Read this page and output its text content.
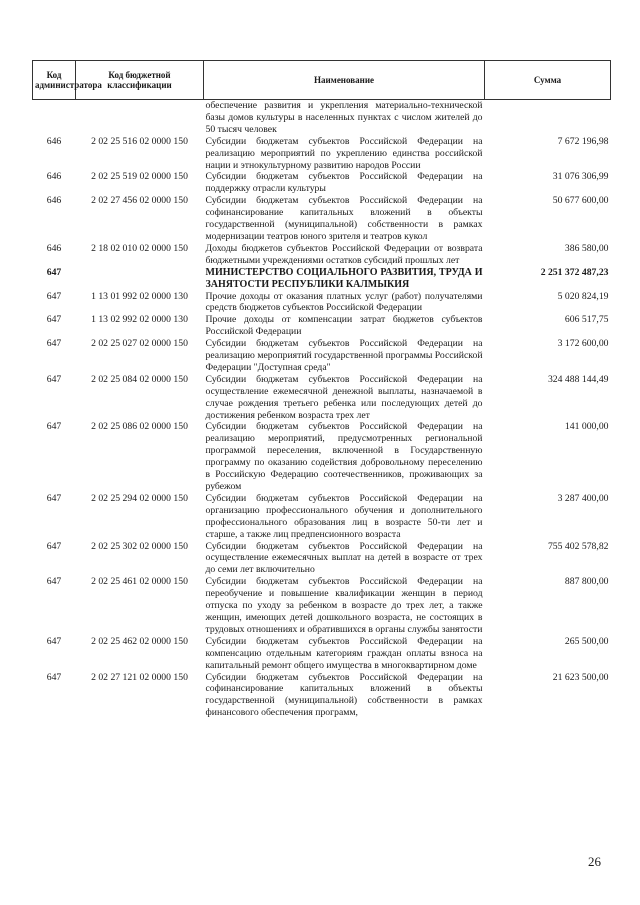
Код администратора	Код бюджетной классификации	Наименование	Сумма
		обеспечение развития и укрепления материально-технической базы домов культуры в населенных пунктах с числом жителей до 50 тысяч человек	
646	2 02 25 516 02 0000 150	Субсидии бюджетам субъектов Российской Федерации на реализацию мероприятий по укреплению единства российской нации и этнокультурному развитию народов России	7 672 196,98
646	2 02 25 519 02 0000 150	Субсидии бюджетам субъектов Российской Федерации на поддержку отрасли культуры	31 076 306,99
646	2 02 27 456 02 0000 150	Субсидии бюджетам субъектов Российской Федерации на софинансирование капитальных вложений в объекты государственной (муниципальной) собственности в рамках модернизации театров юного зрителя и театров кукол	50 677 600,00
646	2 18 02 010 02 0000 150	Доходы бюджетов субъектов Российской Федерации от возврата бюджетными учреждениями остатков субсидий прошлых лет	386 580,00
647		МИНИСТЕРСТВО СОЦИАЛЬНОГО РАЗВИТИЯ, ТРУДА И ЗАНЯТОСТИ РЕСПУБЛИКИ КАЛМЫКИЯ	2 251 372 487,23
647	1 13 01 992 02 0000 130	Прочие доходы от оказания платных услуг (работ) получателями средств бюджетов субъектов Российской Федерации	5 020 824,19
647	1 13 02 992 02 0000 130	Прочие доходы от компенсации затрат бюджетов субъектов Российской Федерации	606 517,75
647	2 02 25 027 02 0000 150	Субсидии бюджетам субъектов Российской Федерации на реализацию мероприятий государственной программы Российской Федерации "Доступная среда"	3 172 600,00
647	2 02 25 084 02 0000 150	Субсидии бюджетам субъектов Российской Федерации на осуществление ежемесячной денежной выплаты, назначаемой в случае рождения третьего ребенка или последующих детей до достижения ребенком возраста трех лет	324 488 144,49
647	2 02 25 086 02 0000 150	Субсидии бюджетам субъектов Российской Федерации на реализацию мероприятий, предусмотренных региональной программой переселения, включенной в Государственную программу по оказанию содействия добровольному переселению в Российскую Федерацию соотечественников, проживающих за рубежом	141 000,00
647	2 02 25 294 02 0000 150	Субсидии бюджетам субъектов Российской Федерации на организацию профессионального обучения и дополнительного профессионального образования лиц в возрасте 50-ти лет и старше, а также лиц предпенсионного возраста	3 287 400,00
647	2 02 25 302 02 0000 150	Субсидии бюджетам субъектов Российской Федерации на осуществление ежемесячных выплат на детей в возрасте от трех до семи лет включительно	755 402 578,82
647	2 02 25 461 02 0000 150	Субсидии бюджетам субъектов Российской Федерации на переобучение и повышение квалификации женщин в период отпуска по уходу за ребенком в возрасте до трех лет, а также женщин, имеющих детей дошкольного возраста, не состоящих в трудовых отношениях и обратившихся в органы службы занятости	887 800,00
647	2 02 25 462 02 0000 150	Субсидии бюджетам субъектов Российской Федерации на компенсацию отдельным категориям граждан оплаты взноса на капитальный ремонт общего имущества в многоквартирном доме	265 500,00
647	2 02 27 121 02 0000 150	Субсидии бюджетам субъектов Российской Федерации на софинансирование капитальных вложений в объекты государственной (муниципальной) собственности в рамках финансового обеспечения программ,	21 623 500,00
26
